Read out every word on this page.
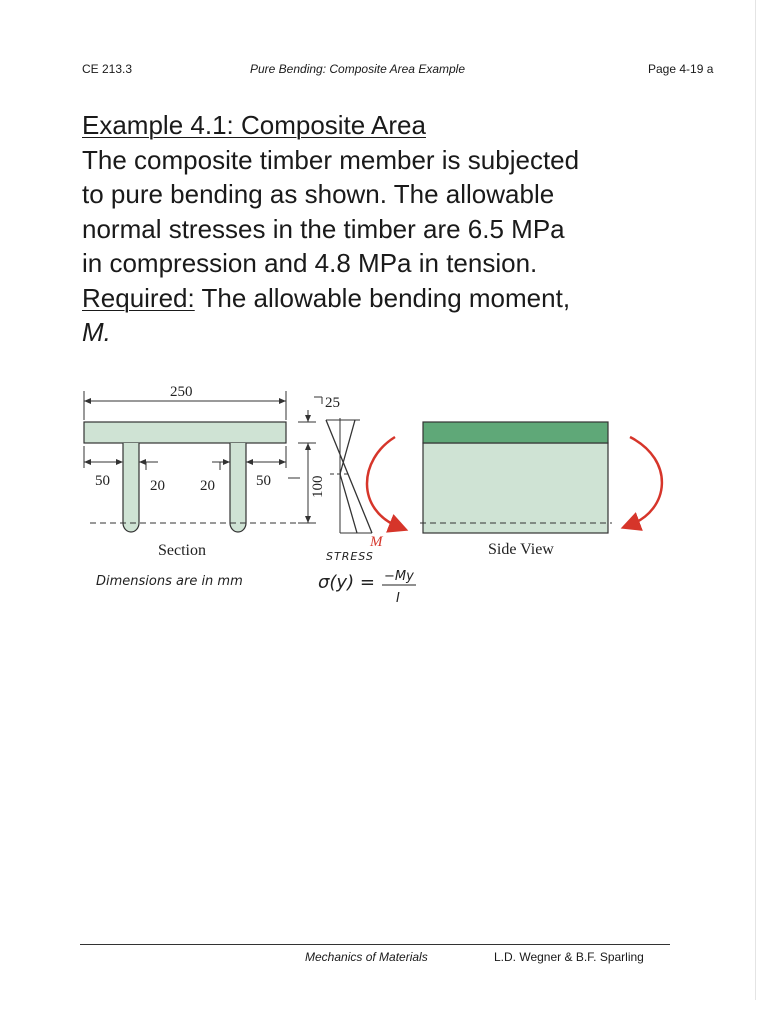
CE 213.3	Pure Bending: Composite Area Example	Page 4-19 a
Example 4.1: Composite Area
The composite timber member is subjected
to pure bending as shown. The allowable
normal stresses in the timber are 6.5 MPa
in compression and 4.8 MPa in tension.
Required: The allowable bending moment,
M.
250
50	20 20	50
Section
25
100
STRESS
M	Side View
Dimensions are in mm	σ(y) = −My
I
Mechanics of Materials	L.D. Wegner & B.F. Sparling
